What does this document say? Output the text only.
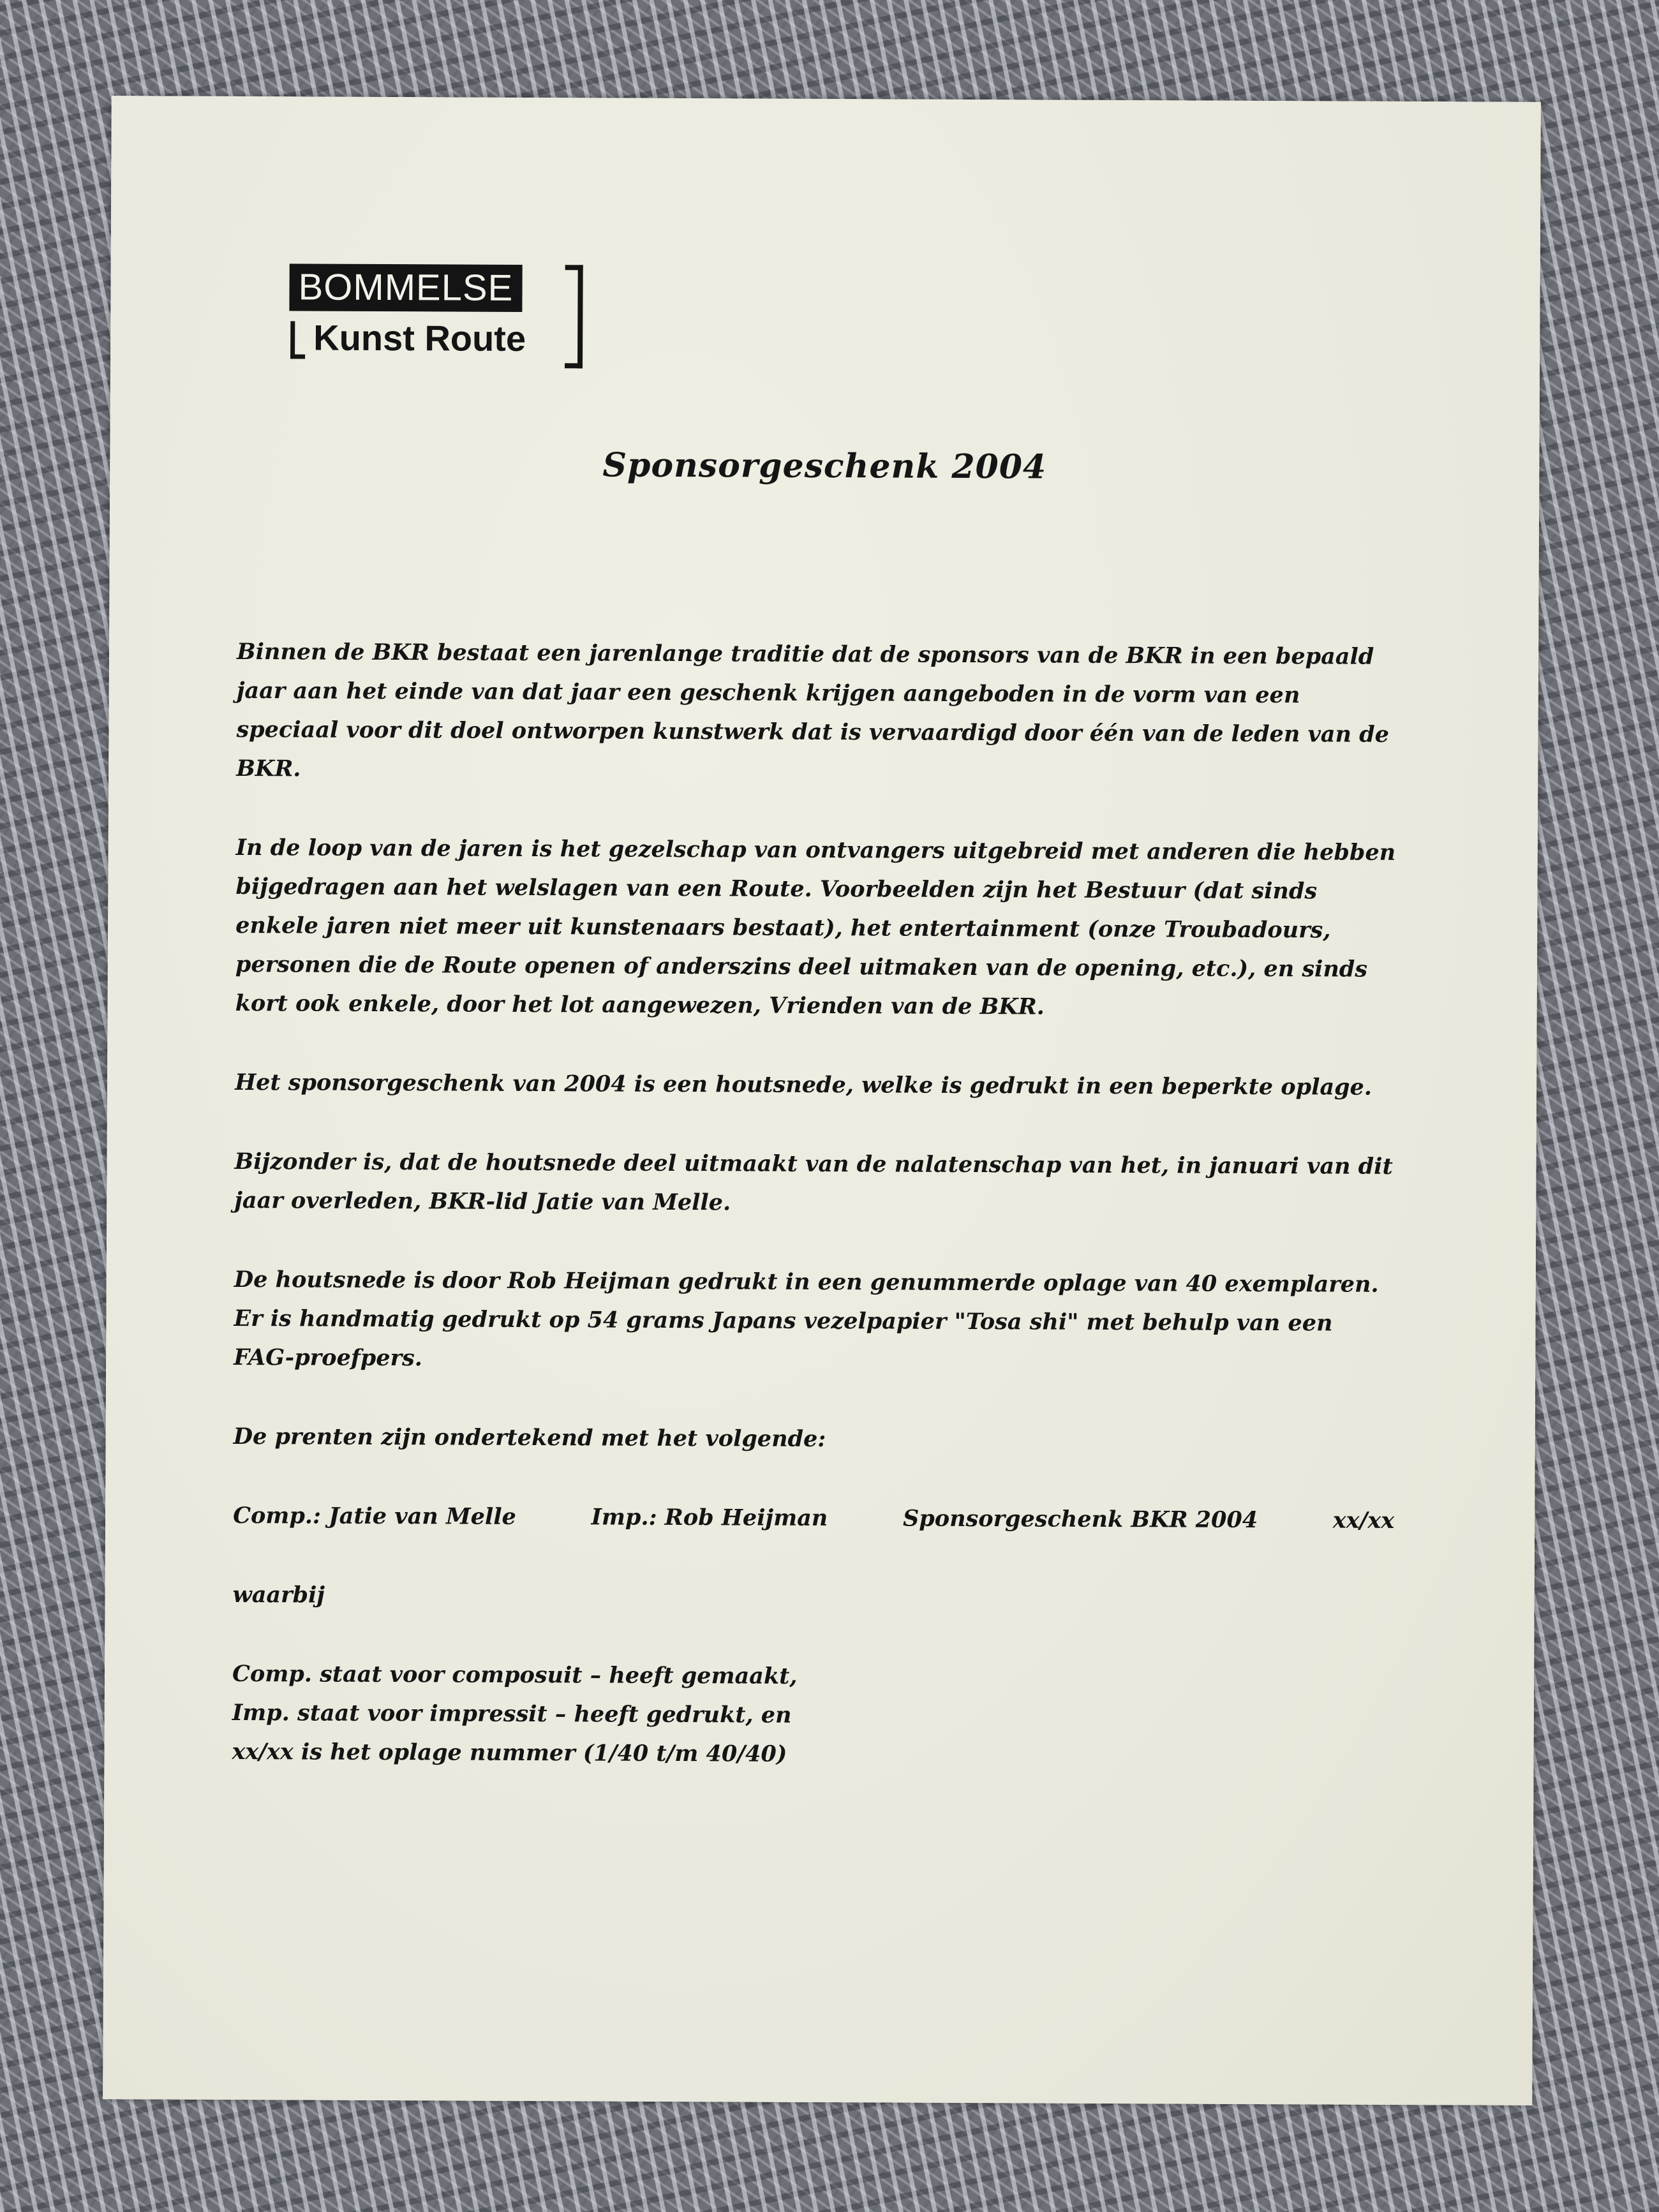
BOMMELSE
Kunst Route
Sponsorgeschenk 2004

Binnen de BKR bestaat een jarenlange traditie dat de sponsors van de BKR in een bepaald jaar aan het einde van dat jaar een geschenk krijgen aangeboden in de vorm van een speciaal voor dit doel ontworpen kunstwerk dat is vervaardigd door één van de leden van de BKR.

In de loop van de jaren is het gezelschap van ontvangers uitgebreid met anderen die hebben bijgedragen aan het welslagen van een Route. Voorbeelden zijn het Bestuur (dat sinds enkele jaren niet meer uit kunstenaars bestaat), het entertainment (onze Troubadours, personen die de Route openen of anderszins deel uitmaken van de opening, etc.), en sinds kort ook enkele, door het lot aangewezen, Vrienden van de BKR.

Het sponsorgeschenk van 2004 is een houtsnede, welke is gedrukt in een beperkte oplage.

Bijzonder is, dat de houtsnede deel uitmaakt van de nalatenschap van het, in januari van dit jaar overleden, BKR-lid Jatie van Melle.

De houtsnede is door Rob Heijman gedrukt in een genummerde oplage van 40 exemplaren. Er is handmatig gedrukt op 54 grams Japans vezelpapier "Tosa shi" met behulp van een FAG-proefpers.

De prenten zijn ondertekend met het volgende:

Comp.: Jatie van Melle	Imp.: Rob Heijman	Sponsorgeschenk BKR 2004	xx/xx

waarbij

Comp. staat voor composuit – heeft gemaakt,

Imp. staat voor impressit – heeft gedrukt, en

xx/xx is het oplage nummer (1/40 t/m 40/40)
